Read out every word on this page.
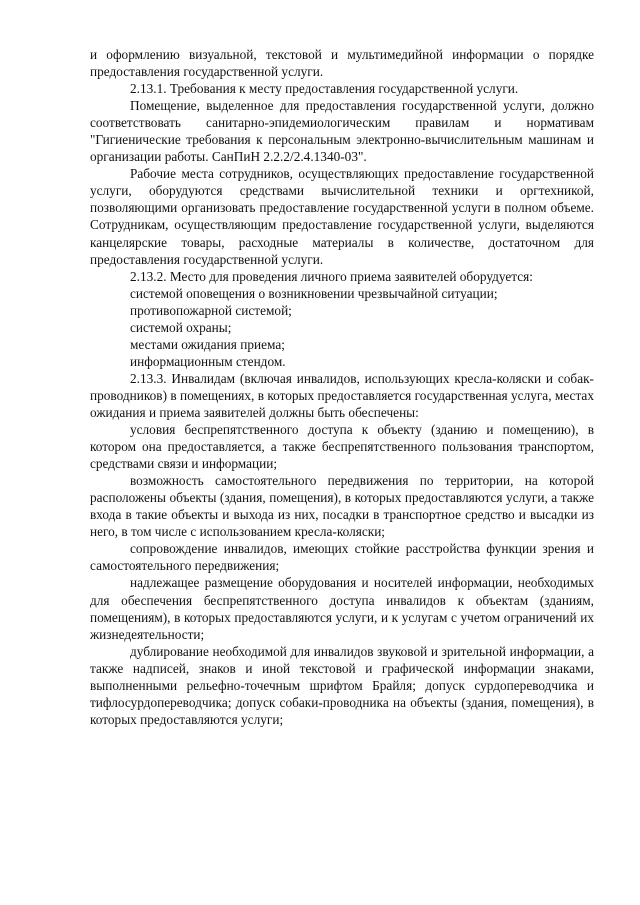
и оформлению визуальной, текстовой и мультимедийной информации о порядке предоставления государственной услуги.

2.13.1. Требования к месту предоставления государственной услуги.

Помещение, выделенное для предоставления государственной услуги, должно соответствовать санитарно-эпидемиологическим правилам и нормативам "Гигиенические требования к персональным электронно-вычислительным машинам и организации работы. СанПиН 2.2.2/2.4.1340-03".

Рабочие места сотрудников, осуществляющих предоставление государственной услуги, оборудуются средствами вычислительной техники и оргтехникой, позволяющими организовать предоставление государственной услуги в полном объеме. Сотрудникам, осуществляющим предоставление государственной услуги, выделяются канцелярские товары, расходные материалы в количестве, достаточном для предоставления государственной услуги.

2.13.2. Место для проведения личного приема заявителей оборудуется:

системой оповещения о возникновении чрезвычайной ситуации;

противопожарной системой;

системой охраны;

местами ожидания приема;

информационным стендом.

2.13.3. Инвалидам (включая инвалидов, использующих кресла-коляски и собак-проводников) в помещениях, в которых предоставляется государственная услуга, местах ожидания и приема заявителей должны быть обеспечены:

условия беспрепятственного доступа к объекту (зданию и помещению), в котором она предоставляется, а также беспрепятственного пользования транспортом, средствами связи и информации;

возможность самостоятельного передвижения по территории, на которой расположены объекты (здания, помещения), в которых предоставляются услуги, а также входа в такие объекты и выхода из них, посадки в транспортное средство и высадки из него, в том числе с использованием кресла-коляски;

сопровождение инвалидов, имеющих стойкие расстройства функции зрения и самостоятельного передвижения;

надлежащее размещение оборудования и носителей информации, необходимых для обеспечения беспрепятственного доступа инвалидов к объектам (зданиям, помещениям), в которых предоставляются услуги, и к услугам с учетом ограничений их жизнедеятельности;

дублирование необходимой для инвалидов звуковой и зрительной информации, а также надписей, знаков и иной текстовой и графической информации знаками, выполненными рельефно-точечным шрифтом Брайля; допуск сурдопереводчика и тифлосурдопереводчика; допуск собаки-проводника на объекты (здания, помещения), в которых предоставляются услуги;
